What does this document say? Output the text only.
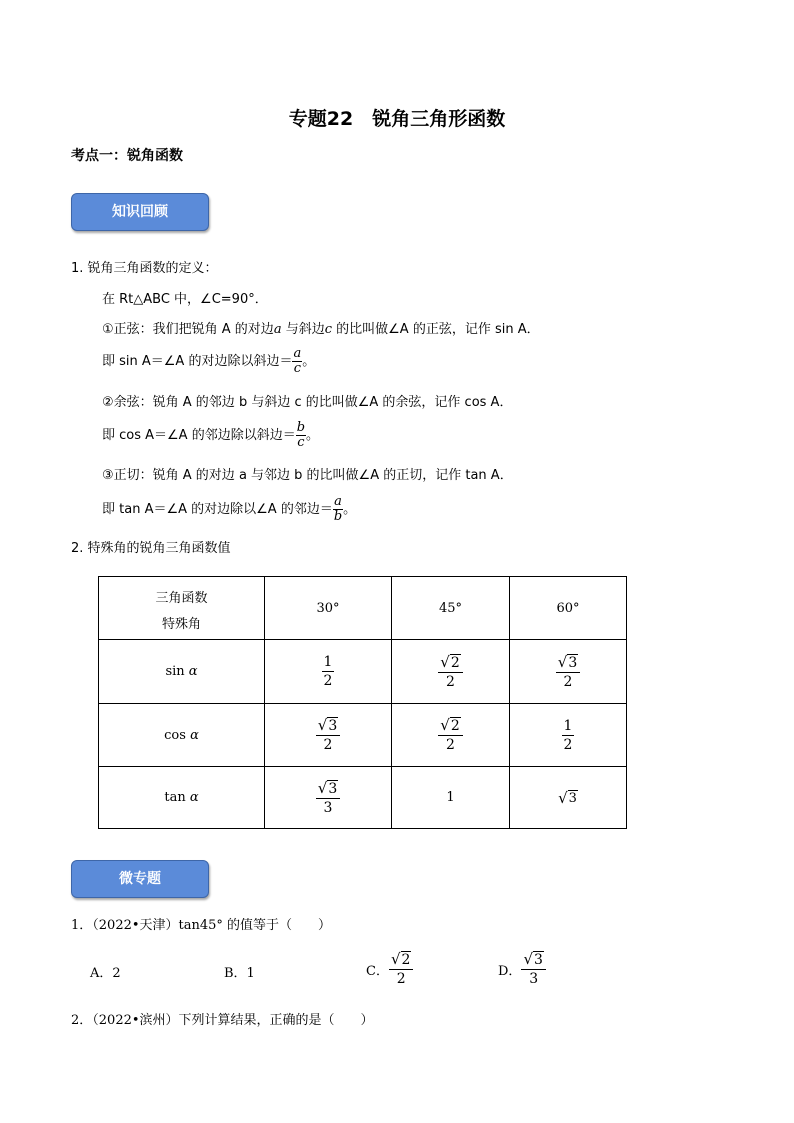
专题22　锐角三角形函数
考点一：锐角函数
知识回顾
1. 锐角三角函数的定义：
在 Rt△ABC 中，∠C=90°．
①正弦：我们把锐角 A 的对边a 与斜边c 的比叫做∠A 的正弦，记作 sin A．
即 sin A＝∠A 的对边除以斜边＝ $\frac{a}{c}$ 。
②余弦：锐角 A 的邻边 b 与斜边 c 的比叫做∠A 的余弦，记作 cos A．
即 cos A＝∠A 的邻边除以斜边＝ $\frac{b}{c}$ 。
③正切：锐角 A 的对边 a 与邻边 b 的比叫做∠A 的正切，记作 tan A．
即 tan A＝∠A 的对边除以∠A 的邻边＝ $\frac{a}{b}$ 。
2. 特殊角的锐角三角函数值
三角函数
特殊角	30°	45°	60°
sin α	$\frac{1}{2}$	$\frac{√ 2}{2}$	$\frac{√ 3}{2}$

cos α	$\frac{√ 3}{2}$	$\frac{√ 2}{2}$	$\frac{1}{2}$

tan α	$\frac{√ 3}{3}$	1	√ 3
微专题
1．（2022•天津）tan45° 的值等于（　　）
A．2	B．1	C． $\frac{√ 2}{2}$	D． $\frac{√ 3}{3}$
2．（2022•滨州）下列计算结果，正确的是（　　）
